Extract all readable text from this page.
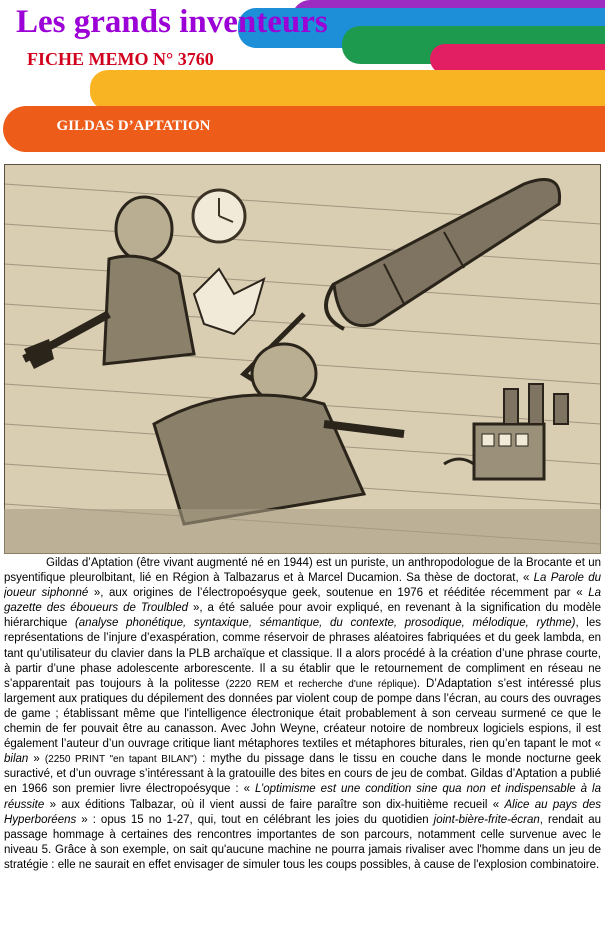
GILDAS D’APTATION
Les grands inventeurs
FICHE MEMO N° 3760
Gildas d’Aptation (être vivant augmenté né en 1944) est un puriste, un anthropodologue de la Brocante et un psyentifique pleurolbitant, lié en Région à Talbazarus et à Marcel Ducamion. Sa thèse de doctorat, « La Parole du joueur siphonné », aux origines de l’électropoésyque geek, soutenue en 1976 et rééditée récemment par « La gazette des éboueurs de Troulbled », a été saluée pour avoir expliqué, en revenant à la signification du modèle hiérarchique (analyse phonétique, syntaxique, sémantique, du contexte, prosodique, mélodique, rythme), les représentations de l’injure d’exaspération, comme réservoir de phrases aléatoires fabriquées et du geek lambda, en tant qu’utilisateur du clavier dans la PLB archaïque et classique. Il a alors procédé à la création d’une phrase courte, à partir d’une phase adolescente arborescente. Il a su établir que le retournement de compliment en réseau ne s’apparentait pas toujours à la politesse (2220 REM et recherche d'une réplique). D’Adaptation s’est intéressé plus largement aux pratiques du dépilement des données par violent coup de pompe dans l’écran, au cours des ouvrages de game ; établissant même que l'intelligence électronique était probablement à son cerveau surmené ce que le chemin de fer pouvait être au canasson. Avec John Weyne, créateur notoire de nombreux logiciels espions, il est également l’auteur d’un ouvrage critique liant métaphores textiles et métaphores biturales, rien qu’en tapant le mot « bilan » (2250 PRINT "en tapant BILAN") : mythe du pissage dans le tissu en couche dans le monde nocturne geek suractivé, et d’un ouvrage s’intéressant à la gratouille des bites en cours de jeu de combat. Gildas d’Aptation a publié en 1966 son premier livre électropoésyque : « L’optimisme est une condition sine qua non et indispensable à la réussite » aux éditions Talbazar, où il vient aussi de faire paraître son dix-huitième recueil « Alice au pays des Hyperboréens » : opus 15 no 1-27, qui, tout en célébrant les joies du quotidien joint-bière-frite-écran, rendait au passage hommage à certaines des rencontres importantes de son parcours, notamment celle survenue avec le niveau 5. Grâce à son exemple, on sait qu'aucune machine ne pourra jamais rivaliser avec l'homme dans un jeu de stratégie : elle ne saurait en effet envisager de simuler tous les coups possibles, à cause de l'explosion combinatoire.
